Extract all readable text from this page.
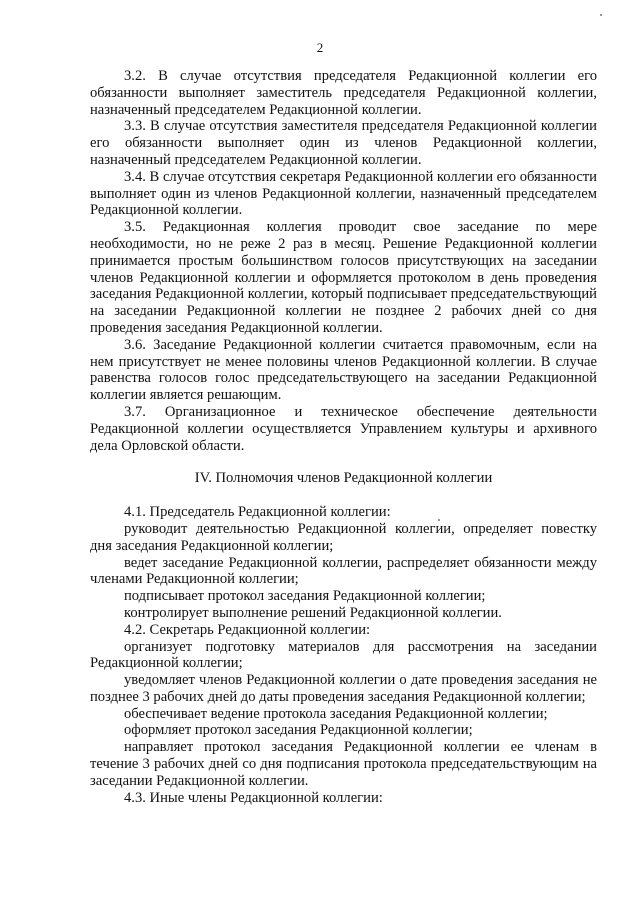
2

3.2. В случае отсутствия председателя Редакционной коллегии его обязанности выполняет заместитель председателя Редакционной коллегии, назначенный председателем Редакционной коллегии.

3.3. В случае отсутствия заместителя председателя Редакционной коллегии его обязанности выполняет один из членов Редакционной коллегии, назначенный председателем Редакционной коллегии.

3.4. В случае отсутствия секретаря Редакционной коллегии его обязанности выполняет один из членов Редакционной коллегии, назначенный председателем Редакционной коллегии.

3.5. Редакционная коллегия проводит свое заседание по мере необходимости, но не реже 2 раз в месяц. Решение Редакционной коллегии принимается простым большинством голосов присутствующих на заседании членов Редакционной коллегии и оформляется протоколом в день проведения заседания Редакционной коллегии, который подписывает председательствующий на заседании Редакционной коллегии не позднее 2 рабочих дней со дня проведения заседания Редакционной коллегии.

3.6. Заседание Редакционной коллегии считается правомочным, если на нем присутствует не менее половины членов Редакционной коллегии. В случае равенства голосов голос председательствующего на заседании Редакционной коллегии является решающим.

3.7. Организационное и техническое обеспечение деятельности Редакционной коллегии осуществляется Управлением культуры и архивного дела Орловской области.

IV. Полномочия членов Редакционной коллегии

4.1. Председатель Редакционной коллегии:

руководит деятельностью Редакционной коллегии, определяет повестку дня заседания Редакционной коллегии;

ведет заседание Редакционной коллегии, распределяет обязанности между членами Редакционной коллегии;

подписывает протокол заседания Редакционной коллегии;

контролирует выполнение решений Редакционной коллегии.

4.2. Секретарь Редакционной коллегии:

организует подготовку материалов для рассмотрения на заседании Редакционной коллегии;

уведомляет членов Редакционной коллегии о дате проведения заседания не позднее 3 рабочих дней до даты проведения заседания Редакционной коллегии;

обеспечивает ведение протокола заседания Редакционной коллегии;

оформляет протокол заседания Редакционной коллегии;

направляет протокол заседания Редакционной коллегии ее членам в течение 3 рабочих дней со дня подписания протокола председательствующим на заседании Редакционной коллегии.

4.3. Иные члены Редакционной коллегии:
